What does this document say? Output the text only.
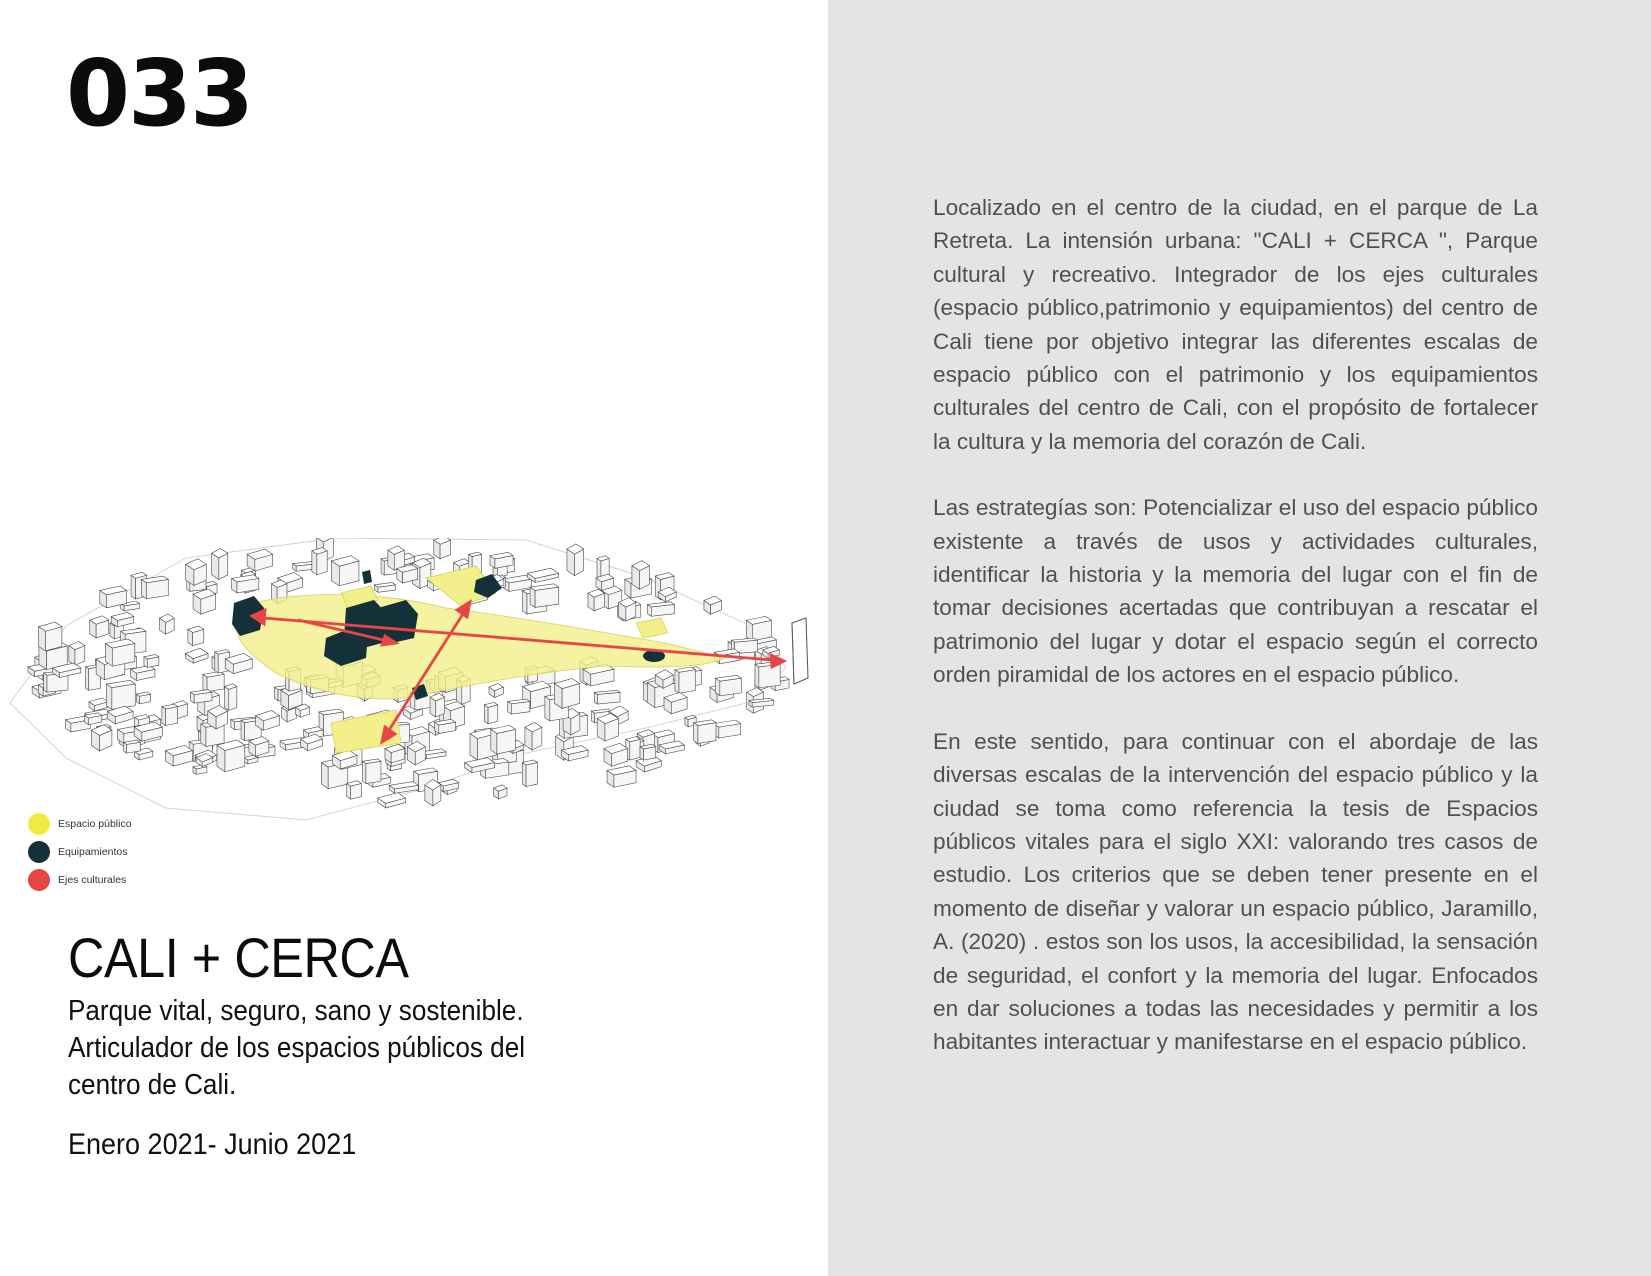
033
Espacio público
Equipamientos
Ejes culturales
CALI + CERCA
Parque vital, seguro, sano y sostenible.
Articulador de los espacios públicos del
centro de Cali.

Enero 2021- Junio 2021

Localizado en el centro de la ciudad, en el parque de La Retreta. La intensión urbana: "CALI + CERCA ", Parque cultural y recreativo. Integrador de los ejes culturales (espacio público,patrimonio y equipamientos) del centro de Cali tiene por objetivo integrar las diferentes escalas de espacio público con el patrimonio y los equipamientos culturales del centro de Cali, con el propósito de fortalecer la cultura y la memoria del corazón de Cali.

Las estrategías son: Potencializar el uso del espacio público existente a través de usos y actividades culturales, identificar la historia y la memoria del lugar con el fin de tomar decisiones acertadas que contribuyan a rescatar el patrimonio del lugar y dotar el espacio según el correcto orden piramidal de los actores en el espacio público.

En este sentido, para continuar con el abordaje de las diversas escalas de la intervención del espacio público y la ciudad se toma como referencia la tesis de Espacios públicos vitales para el siglo XXI: valorando tres casos de estudio. Los criterios que se deben tener presente en el momento de diseñar y valorar un espacio público, Jaramillo, A. (2020) . estos son los usos, la accesibilidad, la sensación de seguridad, el confort y la memoria del lugar. Enfocados en dar soluciones a todas las necesidades y permitir a los habitantes interactuar y manifestarse en el espacio público.
